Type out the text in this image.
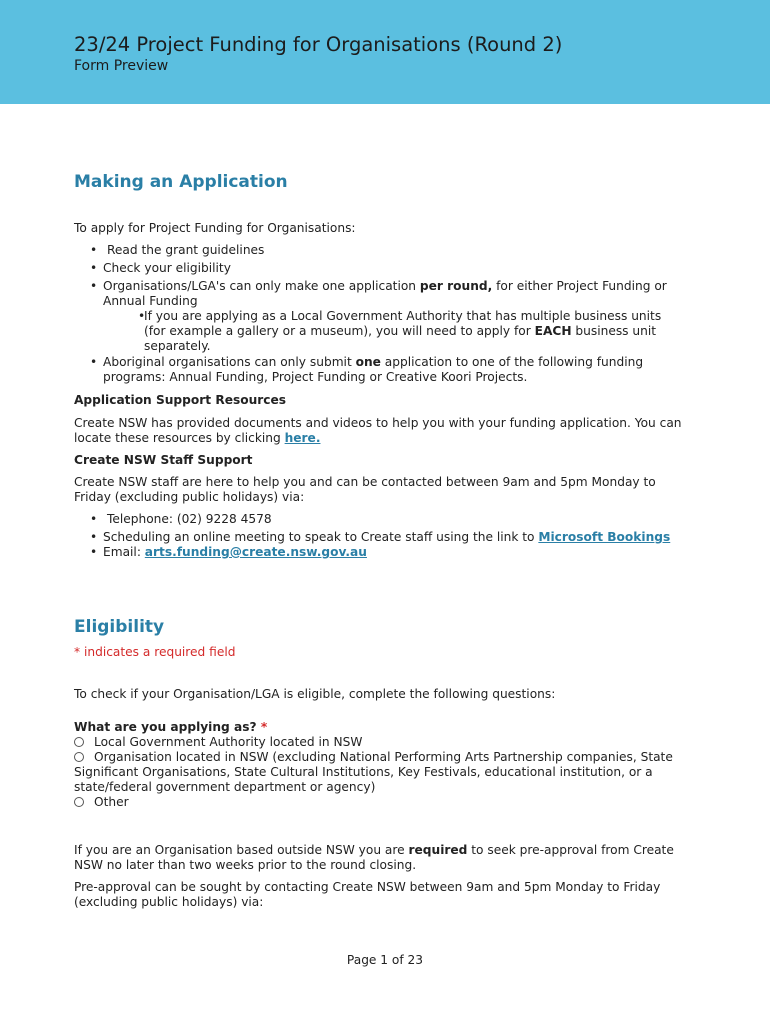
23/24 Project Funding for Organisations (Round 2)
Form Preview
Making an Application

To apply for Project Funding for Organisations:

• Read the grant guidelines
• Check your eligibility
• Organisations/LGA's can only make one application per round, for either Project Funding or Annual Funding
• If you are applying as a Local Government Authority that has multiple business units (for example a gallery or a museum), you will need to apply for EACH business unit separately.
• Aboriginal organisations can only submit one application to one of the following funding programs: Annual Funding, Project Funding or Creative Koori Projects.

Application Support Resources

Create NSW has provided documents and videos to help you with your funding application. You can locate these resources by clicking here.

Create NSW Staff Support

Create NSW staff are here to help you and can be contacted between 9am and 5pm Monday to Friday (excluding public holidays) via:

• Telephone: (02) 9228 4578
• Scheduling an online meeting to speak to Create staff using the link to Microsoft Bookings
• Email: arts.funding@create.nsw.gov.au
Eligibility

* indicates a required field

To check if your Organisation/LGA is eligible, complete the following questions:

What are you applying as? *

Local Government Authority located in NSW
Organisation located in NSW (excluding National Performing Arts Partnership companies, State Significant Organisations, State Cultural Institutions, Key Festivals, educational institution, or a state/federal government department or agency)
Other

If you are an Organisation based outside NSW you are required to seek pre-approval from Create NSW no later than two weeks prior to the round closing.

Pre-approval can be sought by contacting Create NSW between 9am and 5pm Monday to Friday (excluding public holidays) via:

Page 1 of 23
